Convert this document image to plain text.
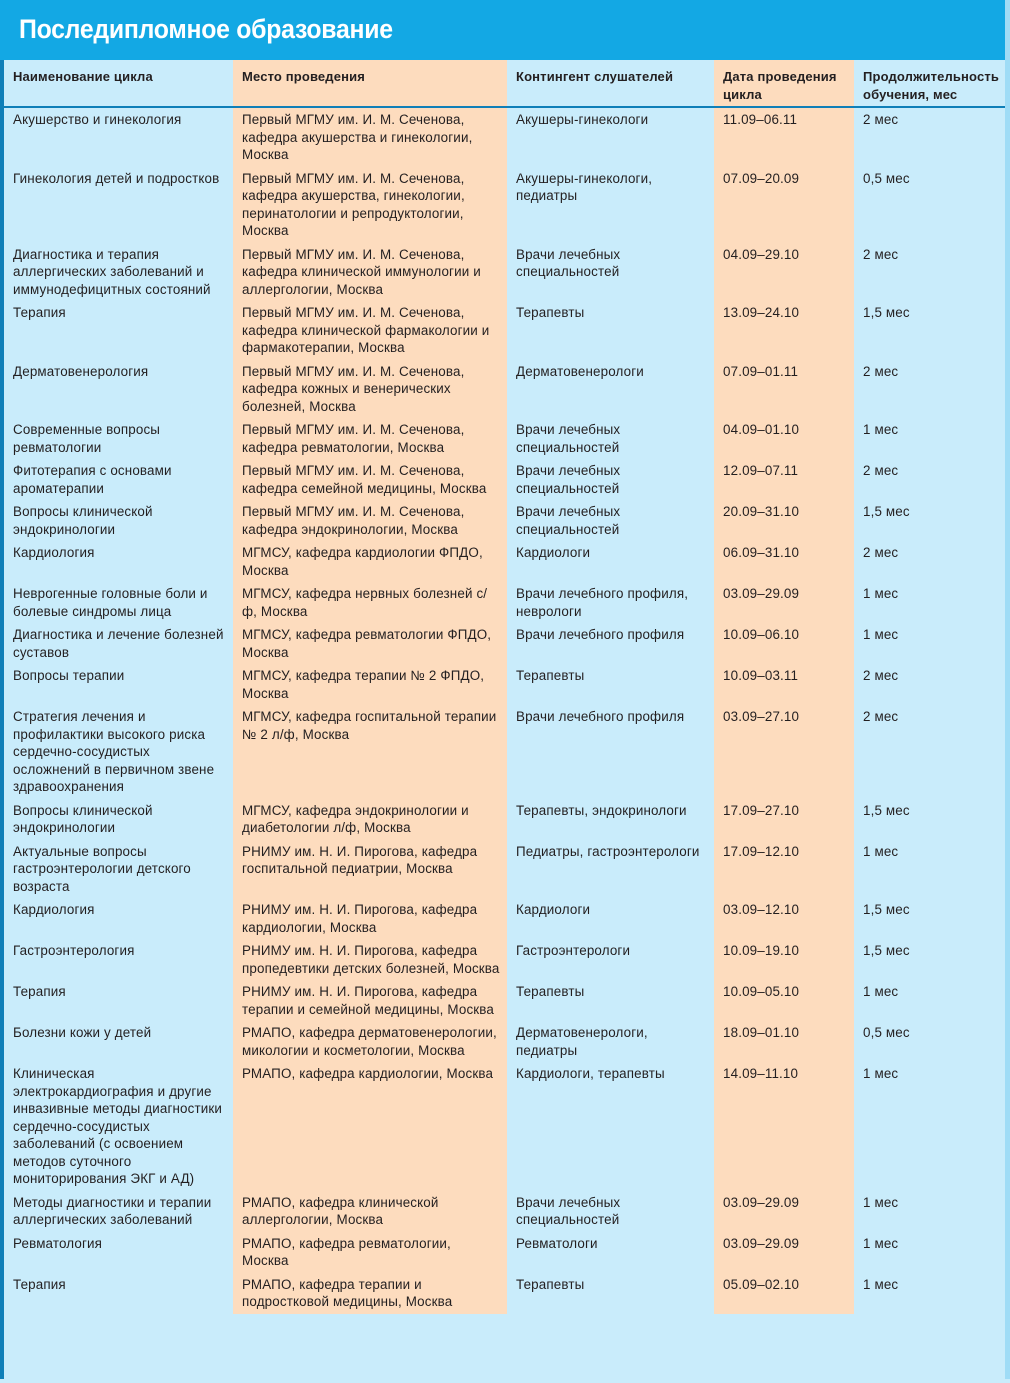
Последипломное образование
Наименование цикла	Место проведения	Контингент слушателей	Дата проведения цикла	Продолжительность обучения, мес
Акушерство и гинекология	Первый МГМУ им. И. М. Сеченова, кафедра акушерства и гинекологии, Москва	Акушеры-гинекологи	11.09–06.11	2 мес
Гинекология детей и подростков	Первый МГМУ им. И. М. Сеченова, кафедра акушерства, гинекологии, перинатологии и репродуктологии, Москва	Акушеры-гинекологи, педиатры	07.09–20.09	0,5 мес
Диагностика и терапия аллергических заболеваний и иммунодефицитных состояний	Первый МГМУ им. И. М. Сеченова, кафедра клинической иммунологии и аллергологии, Москва	Врачи лечебных специальностей	04.09–29.10	2 мес
Терапия	Первый МГМУ им. И. М. Сеченова, кафедра клинической фармакологии и фармакотерапии, Москва	Терапевты	13.09–24.10	1,5 мес
Дерматовенерология	Первый МГМУ им. И. М. Сеченова, кафедра кожных и венерических болезней, Москва	Дерматовенерологи	07.09–01.11	2 мес
Современные вопросы ревматологии	Первый МГМУ им. И. М. Сеченова, кафедра ревматологии, Москва	Врачи лечебных специальностей	04.09–01.10	1 мес
Фитотерапия с основами ароматерапии	Первый МГМУ им. И. М. Сеченова, кафедра семейной медицины, Москва	Врачи лечебных специальностей	12.09–07.11	2 мес
Вопросы клинической эндокринологии	Первый МГМУ им. И. М. Сеченова, кафедра эндокринологии, Москва	Врачи лечебных специальностей	20.09–31.10	1,5 мес
Кардиология	МГМСУ, кафедра кардиологии ФПДО, Москва	Кардиологи	06.09–31.10	2 мес
Неврогенные головные боли и болевые синдромы лица	МГМСУ, кафедра нервных болезней с/ф, Москва	Врачи лечебного профиля, неврологи	03.09–29.09	1 мес
Диагностика и лечение болезней суставов	МГМСУ, кафедра ревматологии ФПДО, Москва	Врачи лечебного профиля	10.09–06.10	1 мес
Вопросы терапии	МГМСУ, кафедра терапии № 2 ФПДО, Москва	Терапевты	10.09–03.11	2 мес
Стратегия лечения и профилактики высокого риска сердечно-сосудистых осложнений в первичном звене здравоохранения	МГМСУ, кафедра госпитальной терапии № 2 л/ф, Москва	Врачи лечебного профиля	03.09–27.10	2 мес
Вопросы клинической эндокринологии	МГМСУ, кафедра эндокринологии и диабетологии л/ф, Москва	Терапевты, эндокринологи	17.09–27.10	1,5 мес
Актуальные вопросы гастроэнтерологии детского возраста	РНИМУ им. Н. И. Пирогова, кафедра госпитальной педиатрии, Москва	Педиатры, гастроэнтерологи	17.09–12.10	1 мес
Кардиология	РНИМУ им. Н. И. Пирогова, кафедра кардиологии, Москва	Кардиологи	03.09–12.10	1,5 мес
Гастроэнтерология	РНИМУ им. Н. И. Пирогова, кафедра пропедевтики детских болезней, Москва	Гастроэнтерологи	10.09–19.10	1,5 мес
Терапия	РНИМУ им. Н. И. Пирогова, кафедра терапии и семейной медицины, Москва	Терапевты	10.09–05.10	1 мес
Болезни кожи у детей	РМАПО, кафедра дерматовенерологии, микологии и косметологии, Москва	Дерматовенерологи, педиатры	18.09–01.10	0,5 мес
Клиническая электрокардиография и другие инвазивные методы диагностики сердечно-сосудистых заболеваний (с освоением методов суточного мониторирования ЭКГ и АД)	РМАПО, кафедра кардиологии, Москва	Кардиологи, терапевты	14.09–11.10	1 мес
Методы диагностики и терапии аллергических заболеваний	РМАПО, кафедра клинической аллергологии, Москва	Врачи лечебных специальностей	03.09–29.09	1 мес
Ревматология	РМАПО, кафедра ревматологии, Москва	Ревматологи	03.09–29.09	1 мес
Терапия	РМАПО, кафедра терапии и подростковой медицины, Москва	Терапевты	05.09–02.10	1 мес
